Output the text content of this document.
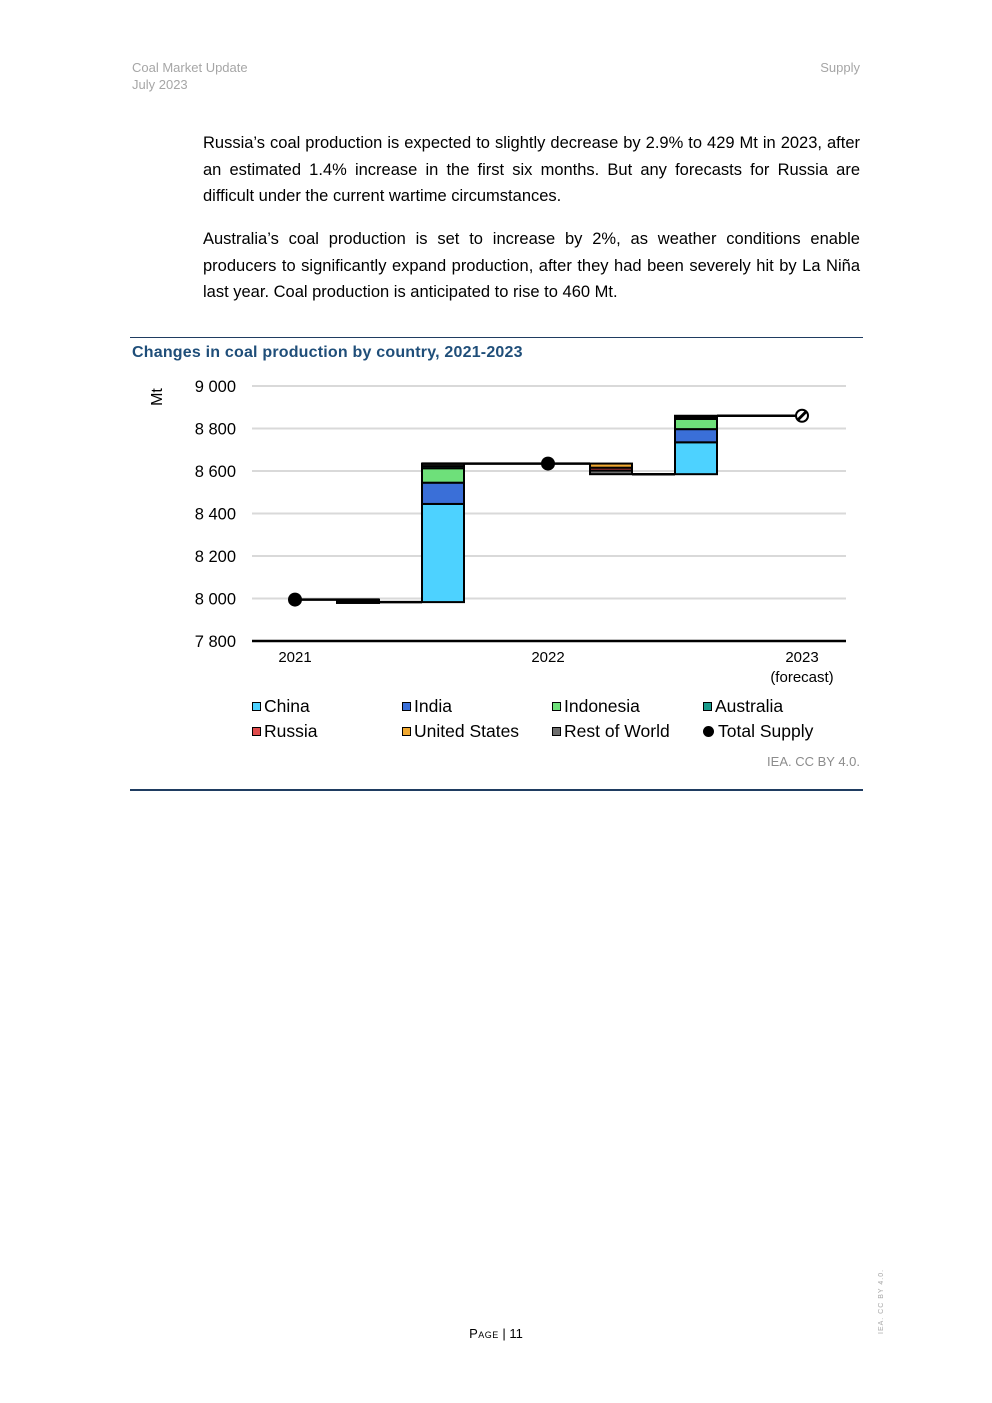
Coal Market Update
July 2023
Supply

Russia’s coal production is expected to slightly decrease by 2.9% to 429 Mt in 2023, after an estimated 1.4% increase in the first six months. But any forecasts for Russia are difficult under the current wartime circumstances.

Australia’s coal production is set to increase by 2%, as weather conditions enable producers to significantly expand production, after they had been severely hit by La Niña last year. Coal production is anticipated to rise to 460 Mt.

Changes in coal production by country, 2021-2023
9 000
8 800
8 600
8 400
8 200
8 000
7 800
Mt
2021	2022	2023
(forecast)
China	India	Indonesia	Australia
Russia	United States	Rest of World	Total Supply
IEA. CC BY 4.0.
Page | 11	IEA. CC BY 4.0.
